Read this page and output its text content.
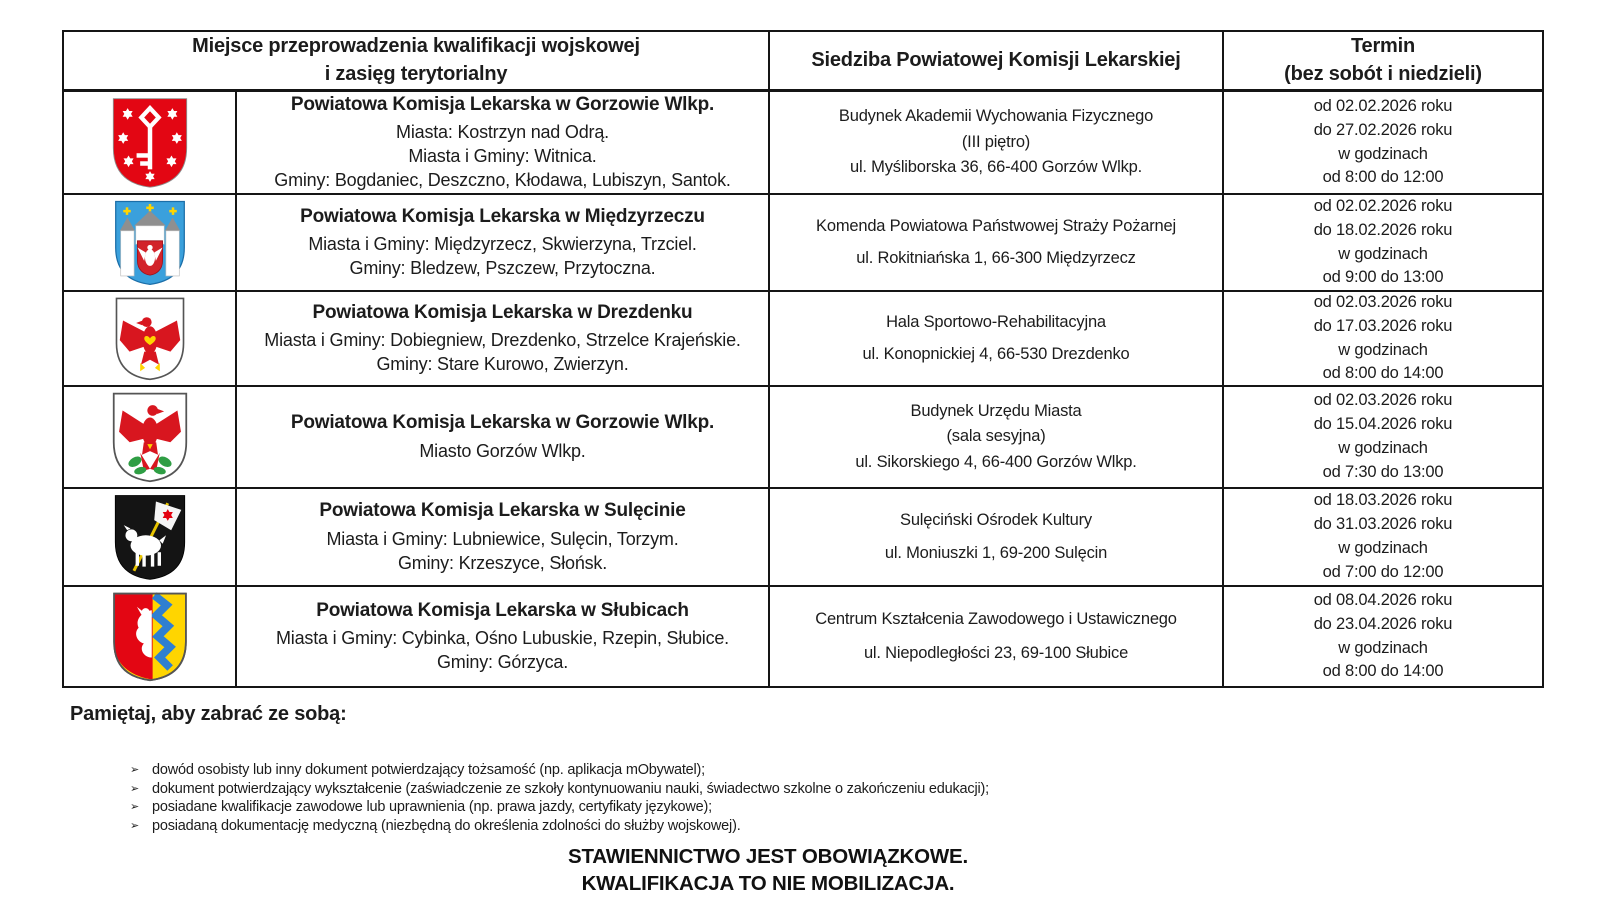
Miejsce przeprowadzenia kwalifikacji wojskowej
i zasięg terytorialny
Siedziba Powiatowej Komisji Lekarskiej
Termin
(bez sobót i niedzieli)
Powiatowa Komisja Lekarska w Gorzowie Wlkp.
Miasta: Kostrzyn nad Odrą.
Miasta i Gminy: Witnica.
Gminy: Bogdaniec, Deszczno, Kłodawa, Lubiszyn, Santok.
Budynek Akademii Wychowania Fizycznego
(III piętro)
ul. Myśliborska 36, 66-400 Gorzów Wlkp.
od 02.02.2026 roku
do 27.02.2026 roku
w godzinach
od 8:00 do 12:00
Powiatowa Komisja Lekarska w Międzyrzeczu
Miasta i Gminy: Międzyrzecz, Skwierzyna, Trzciel.
Gminy: Bledzew, Pszczew, Przytoczna.
Komenda Powiatowa Państwowej Straży Pożarnej
ul. Rokitniańska 1, 66-300 Międzyrzecz
od 02.02.2026 roku
do 18.02.2026 roku
w godzinach
od 9:00 do 13:00
Powiatowa Komisja Lekarska w Drezdenku
Miasta i Gminy: Dobiegniew, Drezdenko, Strzelce Krajeńskie.
Gminy: Stare Kurowo, Zwierzyn.
Hala Sportowo-Rehabilitacyjna
ul. Konopnickiej 4, 66-530 Drezdenko
od 02.03.2026 roku
do 17.03.2026 roku
w godzinach
od 8:00 do 14:00
Powiatowa Komisja Lekarska w Gorzowie Wlkp.
Miasto Gorzów Wlkp.
Budynek Urzędu Miasta
(sala sesyjna)
ul. Sikorskiego 4, 66-400 Gorzów Wlkp.
od 02.03.2026 roku
do 15.04.2026 roku
w godzinach
od 7:30 do 13:00
Powiatowa Komisja Lekarska w Sulęcinie
Miasta i Gminy: Lubniewice, Sulęcin, Torzym.
Gminy: Krzeszyce, Słońsk.
Sulęciński Ośrodek Kultury
ul. Moniuszki 1, 69-200 Sulęcin
od 18.03.2026 roku
do 31.03.2026 roku
w godzinach
od 7:00 do 12:00
Powiatowa Komisja Lekarska w Słubicach
Miasta i Gminy: Cybinka, Ośno Lubuskie, Rzepin, Słubice.
Gminy: Górzyca.
Centrum Kształcenia Zawodowego i Ustawicznego
ul. Niepodległości 23, 69-100 Słubice
od 08.04.2026 roku
do 23.04.2026 roku
w godzinach
od 8:00 do 14:00
Pamiętaj, aby zabrać ze sobą:
➢ dowód osobisty lub inny dokument potwierdzający tożsamość (np. aplikacja mObywatel);
➢ dokument potwierdzający wykształcenie (zaświadczenie ze szkoły kontynuowaniu nauki, świadectwo szkolne o zakończeniu edukacji);
➢ posiadane kwalifikacje zawodowe lub uprawnienia (np. prawa jazdy, certyfikaty językowe);
➢ posiadaną dokumentację medyczną (niezbędną do określenia zdolności do służby wojskowej).
STAWIENNICTWO JEST OBOWIĄZKOWE.
KWALIFIKACJA TO NIE MOBILIZACJA.
